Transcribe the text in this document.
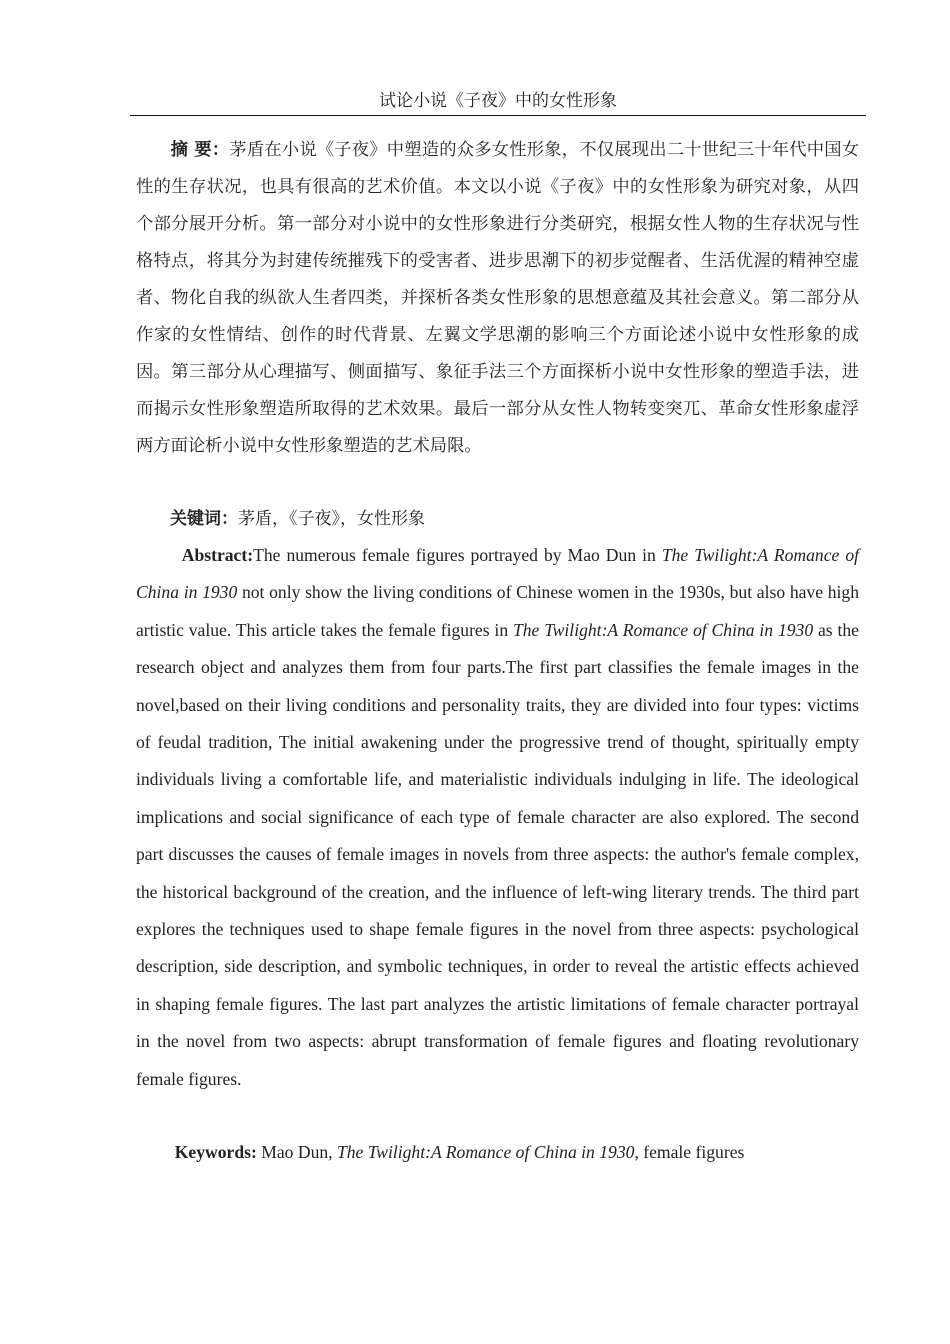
试论小说《子夜》中的女性形象

摘 要：茅盾在小说《子夜》中塑造的众多女性形象，不仅展现出二十世纪三十年代中国女性的生存状况，也具有很高的艺术价值。本文以小说《子夜》中的女性形象为研究对象，从四个部分展开分析。第一部分对小说中的女性形象进行分类研究，根据女性人物的生存状况与性格特点，将其分为封建传统摧残下的受害者、进步思潮下的初步觉醒者、生活优渥的精神空虚者、物化自我的纵欲人生者四类，并探析各类女性形象的思想意蕴及其社会意义。第二部分从作家的女性情结、创作的时代背景、左翼文学思潮的影响三个方面论述小说中女性形象的成因。第三部分从心理描写、侧面描写、象征手法三个方面探析小说中女性形象的塑造手法，进而揭示女性形象塑造所取得的艺术效果。最后一部分从女性人物转变突兀、革命女性形象虚浮两方面论析小说中女性形象塑造的艺术局限。

关键词：茅盾，《子夜》，女性形象

Abstract:The numerous female figures portrayed by Mao Dun in The Twilight:A Romance of China in 1930 not only show the living conditions of Chinese women in the 1930s, but also have high artistic value. This article takes the female figures in The Twilight:A Romance of China in 1930 as the research object and analyzes them from four parts.The first part classifies the female images in the novel,based on their living conditions and personality traits, they are divided into four types: victims of feudal tradition, The initial awakening under the progressive trend of thought, spiritually empty individuals living a comfortable life, and materialistic individuals indulging in life. The ideological implications and social significance of each type of female character are also explored. The second part discusses the causes of female images in novels from three aspects: the author's female complex, the historical background of the creation, and the influence of left-wing literary trends. The third part explores the techniques used to shape female figures in the novel from three aspects: psychological description, side description, and symbolic techniques, in order to reveal the artistic effects achieved in shaping female figures. The last part analyzes the artistic limitations of female character portrayal in the novel from two aspects: abrupt transformation of female figures and floating revolutionary female figures.

Keywords: Mao Dun, The Twilight:A Romance of China in 1930, female figures
